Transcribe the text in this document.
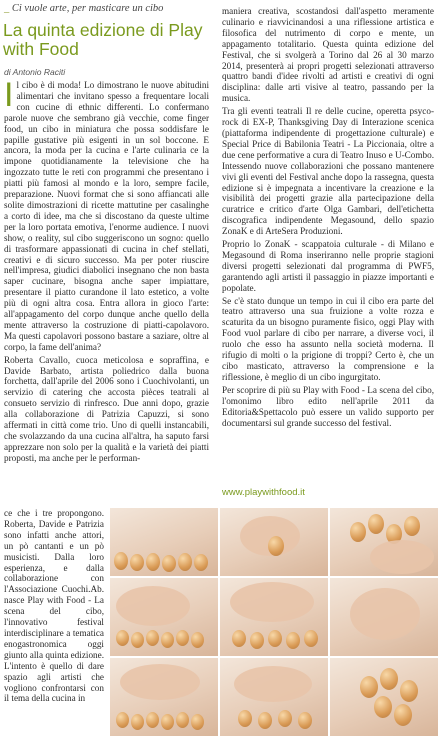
_ Ci vuole arte, per masticare un cibo
La quinta edizione di Play with Food
di Antonio Raciti

Il cibo è di moda! Lo dimostrano le nuove abitudini alimentari che invitano spesso a frequentare locali con cucine di ethnic differenti. Lo confermano parole nuove che sembrano già vecchie, come finger food, un cibo in miniatura che possa soddisfare le papille gustative più esigenti in un sol boccone. E ancora, la moda per la cucina e l'arte culinaria ce la impone quotidianamente la televisione che ha ingozzato tutte le reti con programmi che presentano i piatti più famosi al mondo e la loro, sempre facile, preparazione. Nuovi format che si sono affiancati alle solite dimostrazioni di ricette mattutine per casalinghe a corto di idee, ma che si discostano da queste ultime per la loro portata emotiva, l'enorme audience. I nuovi show, o reality, sul cibo suggeriscono un sogno: quello di trasformare appassionati di cucina in chef stellati, creativi e di sicuro successo. Ma per poter riuscire nell'impresa, giudici diabolici insegnano che non basta saper cucinare, bisogna anche saper impiattare, presentare il piatto curandone il lato estetico, a volte più di ogni altra cosa. Entra allora in gioco l'arte: all'appagamento del corpo dunque anche quello della mente attraverso la costruzione di piatti-capolavoro. Ma questi capolavori possono bastare a saziare, oltre al corpo, la fame dell'anima?

Roberta Cavallo, cuoca meticolosa e sopraffina, e Davide Barbato, artista poliedrico dalla buona forchetta, dall'aprile del 2006 sono i Cuochivolanti, un servizio di catering che accosta pièces teatrali al consueto servizio di rinfresco. Due anni dopo, grazie alla collaborazione di Patrizia Capuzzi, si sono affermati in città come trio. Uno di quelli instancabili, che svolazzando da una cucina all'altra, ha saputo farsi apprezzare non solo per la qualità e la varietà dei piatti proposti, ma anche per le performan-

ce che i tre propongono. Roberta, Davide e Patrizia sono infatti anche attori, un pò cantanti e un pò musicisti. Dalla loro esperienza, e dalla collaborazione con l'Associazione Cuochi.Ab. nasce Play with Food - La scena del cibo, l'innovativo festival interdisciplinare a tematica enogastronomica oggi giunto alla quinta edizione. L'intento è quello di dare spazio agli artisti che vogliono confrontarsi con il tema della cucina in

maniera creativa, scostandosi dall'aspetto meramente culinario e riavvicinandosi a una riflessione artistica e filosofica del nutrimento di corpo e mente, un appagamento totalitario. Questa quinta edizione del Festival, che si svolgerà a Torino dal 26 al 30 marzo 2014, presenterà ai propri progetti selezionati attraverso quattro bandi d'idee rivolti ad artisti e creativi di ogni disciplina: dalle arti visive al teatro, passando per la musica.

Tra gli eventi teatrali Il re delle cucine, operetta psyco-rock di EX-P, Thanksgiving Day di Interazione scenica (piattaforma indipendente di progettazione culturale) e Special Price di Babilonia Teatri - La Piccionaia, oltre a due cene performative a cura di Teatro Inuso e U-Combo. Intessendo nuove collaborazioni che possano mantenere vivi gli eventi del Festival anche dopo la rassegna, questa edizione si è impegnata a incentivare la creazione e la visibilità dei progetti grazie alla partecipazione della curatrice e critico d'arte Olga Gambari, dell'etichetta discografica indipendente Megasound, dello spazio ZonaK e di ArteSera Produzioni.

Proprio lo ZonaK - scappatoia culturale - di Milano e Megasound di Roma inseriranno nelle proprie stagioni diversi progetti selezionati dal programma di PWF5, garantendo agli artisti il passaggio in piazze importanti e popolate.

Se c'è stato dunque un tempo in cui il cibo era parte del teatro attraverso una sua fruizione a volte rozza e scaturita da un bisogno puramente fisico, oggi Play with Food vuol parlare di cibo per narrare, a diverse voci, il ruolo che esso ha assunto nella società moderna. Il rifugio di molti o la prigione di troppi? Certo è, che un cibo masticato, attraverso la comprensione e la riflessione, è meglio di un cibo ingurgitato.

Per scoprire di più su Play with Food - La scena del cibo, l'omonimo libro edito nell'aprile 2011 da Editoria&Spettacolo può essere un valido supporto per documentarsi sul grande successo del festival.

www.playwithfood.it
